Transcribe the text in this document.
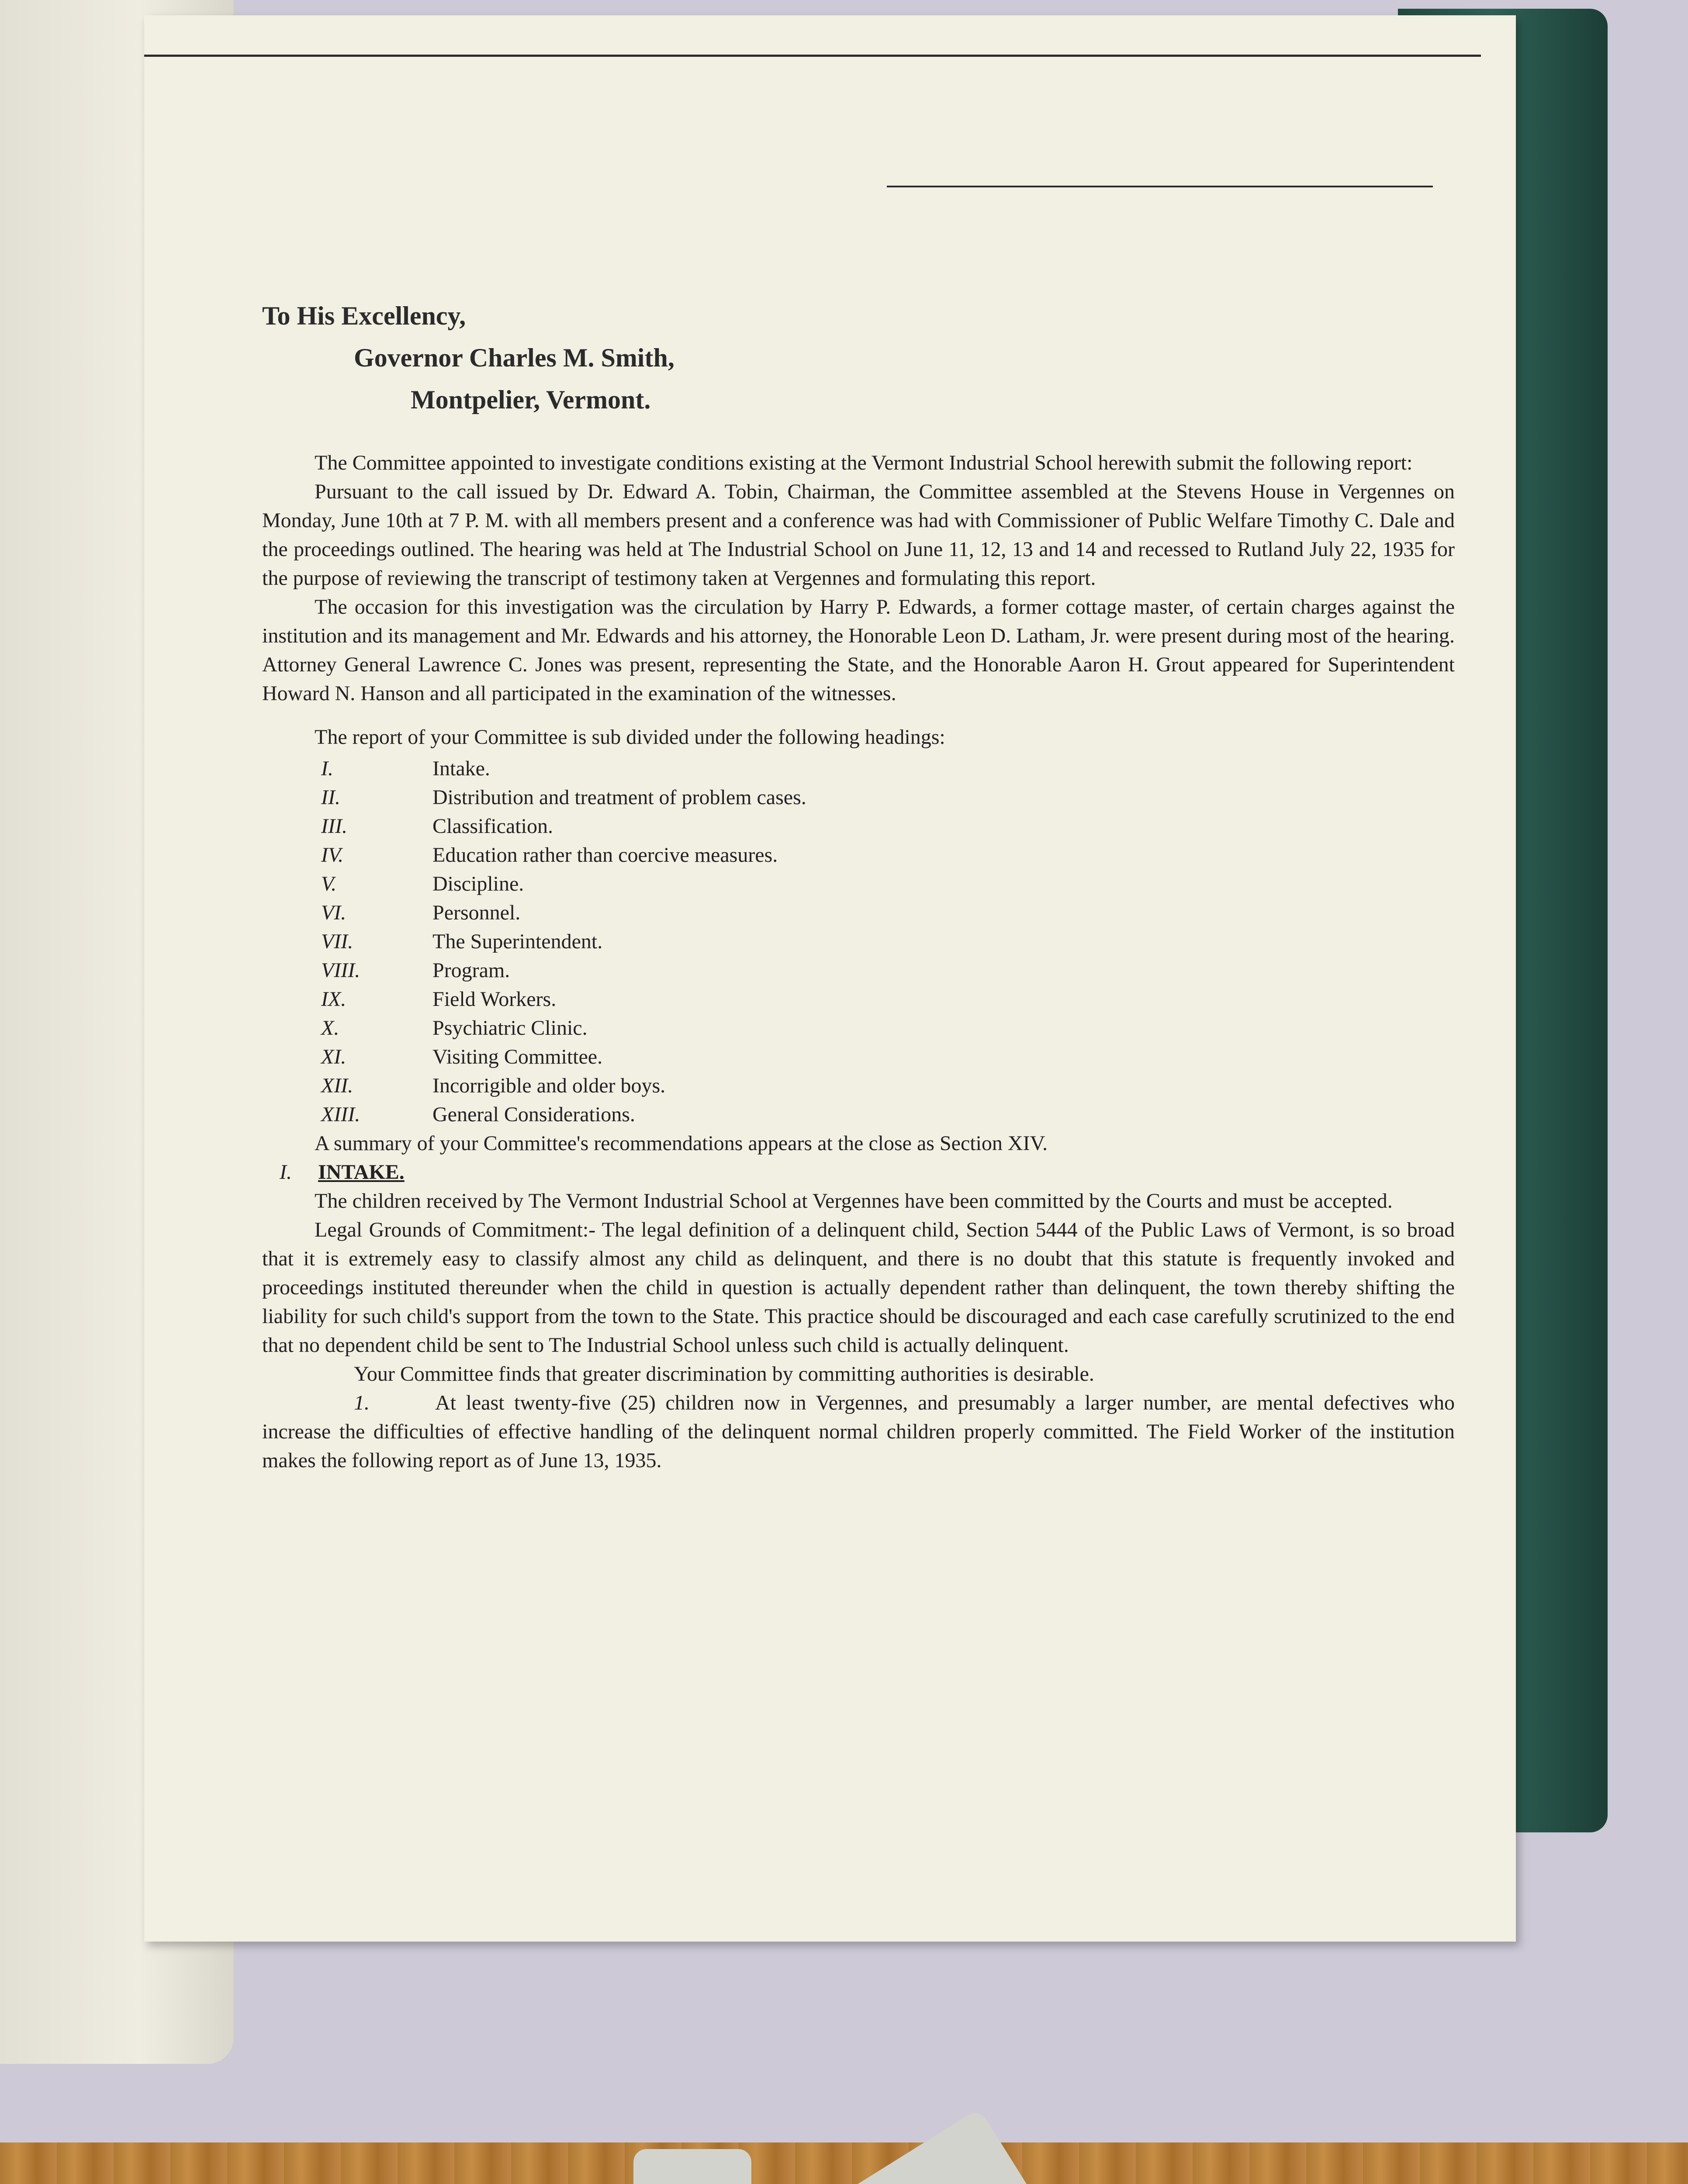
To His Excellency,
Governor Charles M. Smith,
Montpelier, Vermont.

The Committee appointed to investigate conditions existing at the Vermont Industrial School herewith submit the following report:

Pursuant to the call issued by Dr. Edward A. Tobin, Chairman, the Committee assembled at the Stevens House in Vergennes on Monday, June 10th at 7 P. M. with all members present and a conference was had with Commissioner of Public Welfare Timothy C. Dale and the proceedings outlined. The hearing was held at The Industrial School on June 11, 12, 13 and 14 and recessed to Rutland July 22, 1935 for the purpose of reviewing the transcript of testimony taken at Vergennes and formulating this report.

The occasion for this investigation was the circulation by Harry P. Edwards, a former cottage master, of certain charges against the institution and its management and Mr. Edwards and his attorney, the Honorable Leon D. Latham, Jr. were present during most of the hearing. Attorney General Lawrence C. Jones was present, representing the State, and the Honorable Aaron H. Grout appeared for Superintendent Howard N. Hanson and all participated in the examination of the witnesses.

The report of your Committee is sub divided under the following headings:

I.	Intake.
II.	Distribution and treatment of problem cases.
III.	Classification.
IV.	Education rather than coercive measures.
V.	Discipline.
VI.	Personnel.
VII.	The Superintendent.
VIII.	Program.
IX.	Field Workers.
X.	Psychiatric Clinic.
XI.	Visiting Committee.
XII.	Incorrigible and older boys.
XIII.	General Considerations.

A summary of your Committee's recommendations appears at the close as Section XIV.

I. INTAKE.

The children received by The Vermont Industrial School at Vergennes have been committed by the Courts and must be accepted.

Legal Grounds of Commitment:- The legal definition of a delinquent child, Section 5444 of the Public Laws of Vermont, is so broad that it is extremely easy to classify almost any child as delinquent, and there is no doubt that this statute is frequently invoked and proceedings instituted thereunder when the child in question is actually dependent rather than delinquent, the town thereby shifting the liability for such child's support from the town to the State. This practice should be discouraged and each case carefully scrutinized to the end that no dependent child be sent to The Industrial School unless such child is actually delinquent.

Your Committee finds that greater discrimination by committing authorities is desirable.

1.	At least twenty-five (25) children now in Vergennes, and presumably a larger number, are mental defectives who increase the difficulties of effective handling of the delinquent normal children properly committed. The Field Worker of the institution makes the following report as of June 13, 1935.
